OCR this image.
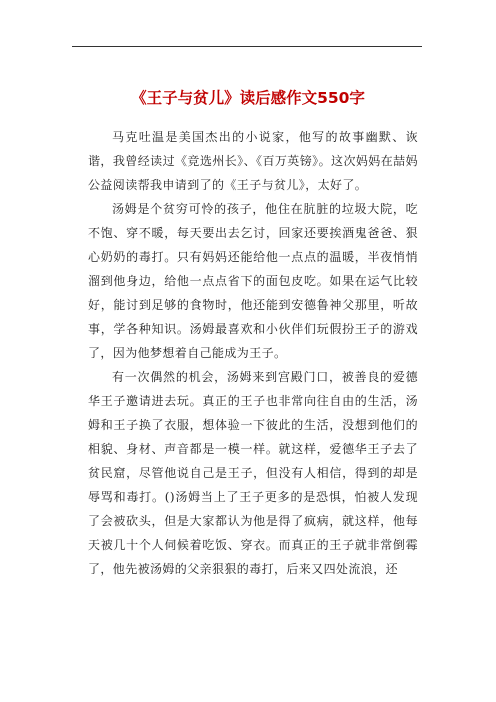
《王子与贫儿》读后感作文550字

马克吐温是美国杰出的小说家，他写的故事幽默、诙谐，我曾经读过《竞选州长》、《百万英镑》。这次妈妈在喆妈公益阅读帮我申请到了的《王子与贫儿》，太好了。

汤姆是个贫穷可怜的孩子，他住在肮脏的垃圾大院，吃不饱、穿不暖，每天要出去乞讨，回家还要挨酒鬼爸爸、狠心奶奶的毒打。只有妈妈还能给他一点点的温暖，半夜悄悄溜到他身边，给他一点点省下的面包皮吃。如果在运气比较好，能讨到足够的食物时，他还能到安德鲁神父那里，听故事，学各种知识。汤姆最喜欢和小伙伴们玩假扮王子的游戏了，因为他梦想着自己能成为王子。

有一次偶然的机会，汤姆来到宫殿门口，被善良的爱德华王子邀请进去玩。真正的王子也非常向往自由的生活，汤姆和王子换了衣服，想体验一下彼此的生活，没想到他们的相貌、身材、声音都是一模一样。就这样，爱德华王子去了贫民窟，尽管他说自己是王子，但没有人相信，得到的却是辱骂和毒打。()汤姆当上了王子更多的是恐惧，怕被人发现了会被砍头，但是大家都认为他是得了疯病，就这样，他每天被几十个人伺候着吃饭、穿衣。而真正的王子就非常倒霉了，他先被汤姆的父亲狠狠的毒打，后来又四处流浪，还
